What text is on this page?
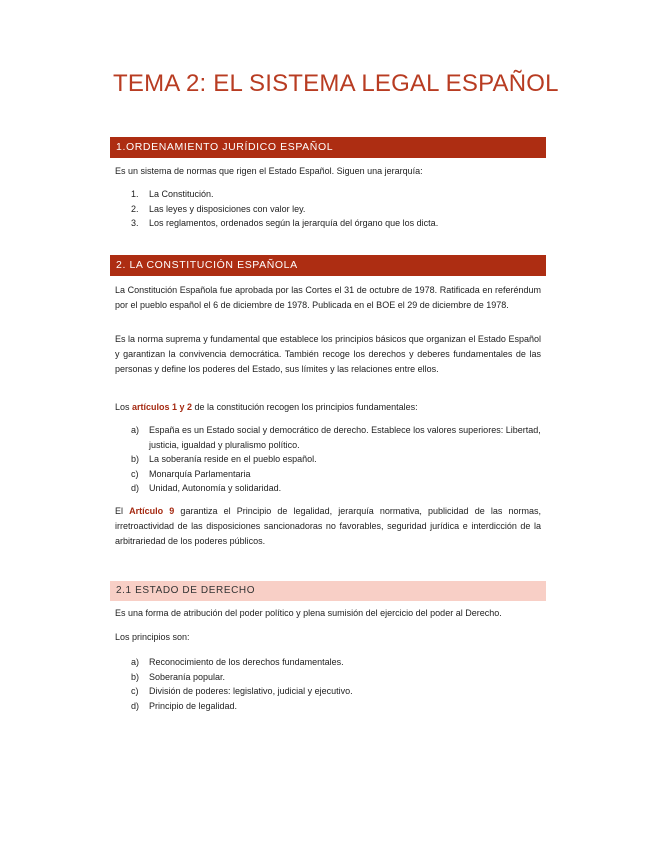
TEMA 2: EL SISTEMA LEGAL ESPAÑOL
1.ORDENAMIENTO JURÍDICO ESPAÑOL
Es un sistema de normas que rigen el Estado Español. Siguen una jerarquía:
1. La Constitución.
2. Las leyes y disposiciones con valor ley.
3. Los reglamentos, ordenados según la jerarquía del órgano que los dicta.
2. LA CONSTITUCIÓN ESPAÑOLA
La Constitución Española fue aprobada por las Cortes el 31 de octubre de 1978. Ratificada en referéndum por el pueblo español el 6 de diciembre de 1978. Publicada en el BOE el 29 de diciembre de 1978.
Es la norma suprema y fundamental que establece los principios básicos que organizan el Estado Español y garantizan la convivencia democrática. También recoge los derechos y deberes fundamentales de las personas y define los poderes del Estado, sus límites y las relaciones entre ellos.
Los artículos 1 y 2 de la constitución recogen los principios fundamentales:
a) España es un Estado social y democrático de derecho. Establece los valores superiores: Libertad, justicia, igualdad y pluralismo político.
b) La soberanía reside en el pueblo español.
c) Monarquía Parlamentaria
d) Unidad, Autonomía y solidaridad.
El Artículo 9 garantiza el Principio de legalidad, jerarquía normativa, publicidad de las normas, irretroactividad de las disposiciones sancionadoras no favorables, seguridad jurídica e interdicción de la arbitrariedad de los poderes públicos.
2.1 ESTADO DE DERECHO
Es una forma de atribución del poder político y plena sumisión del ejercicio del poder al Derecho.
Los principios son:
a) Reconocimiento de los derechos fundamentales.
b) Soberanía popular.
c) División de poderes: legislativo, judicial y ejecutivo.
d) Principio de legalidad.
